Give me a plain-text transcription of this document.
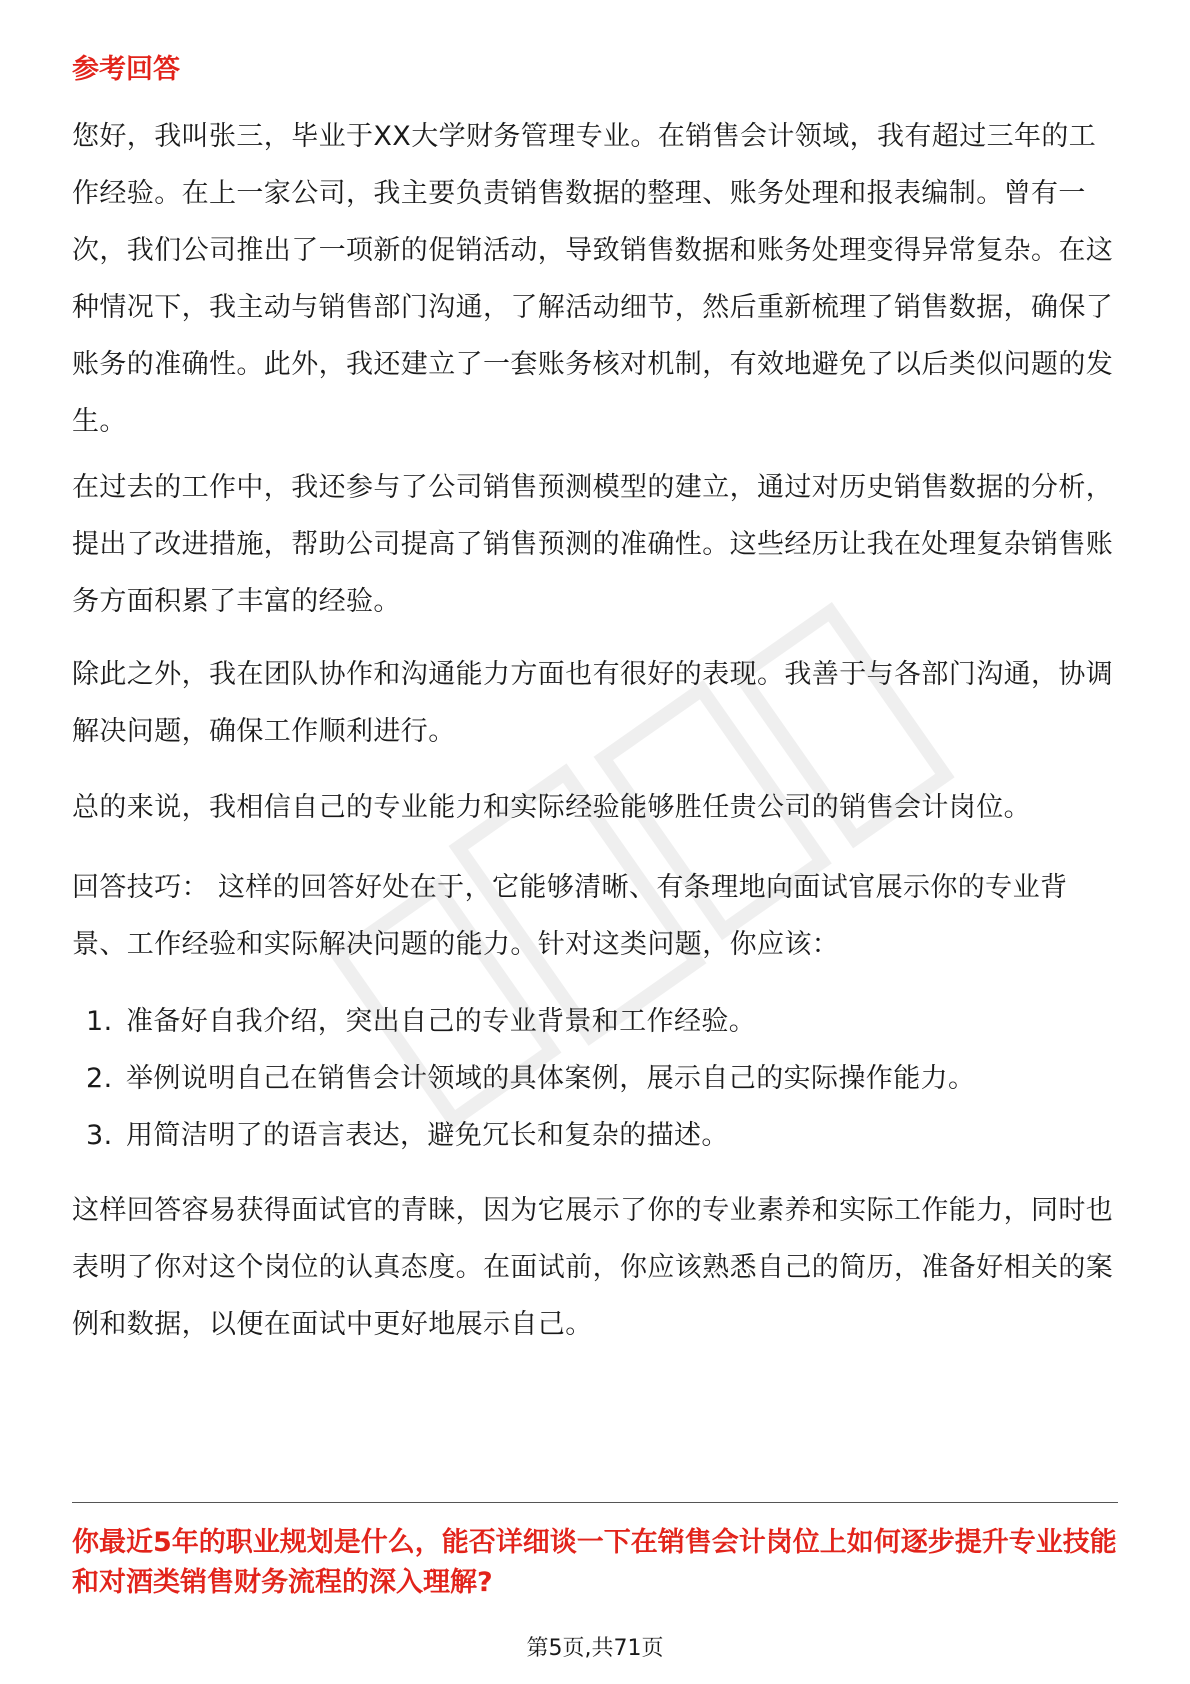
参考回答

您好，我叫张三，毕业于XX大学财务管理专业。在销售会计领域，我有超过三年的工作经验。在上一家公司，我主要负责销售数据的整理、账务处理和报表编制。曾有一次，我们公司推出了一项新的促销活动，导致销售数据和账务处理变得异常复杂。在这种情况下，我主动与销售部门沟通，了解活动细节，然后重新梳理了销售数据，确保了账务的准确性。此外，我还建立了一套账务核对机制，有效地避免了以后类似问题的发生。

在过去的工作中，我还参与了公司销售预测模型的建立，通过对历史销售数据的分析，提出了改进措施，帮助公司提高了销售预测的准确性。这些经历让我在处理复杂销售账务方面积累了丰富的经验。

除此之外，我在团队协作和沟通能力方面也有很好的表现。我善于与各部门沟通，协调解决问题，确保工作顺利进行。

总的来说，我相信自己的专业能力和实际经验能够胜任贵公司的销售会计岗位。

回答技巧： 这样的回答好处在于，它能够清晰、有条理地向面试官展示你的专业背景、工作经验和实际解决问题的能力。针对这类问题，你应该：

1. 准备好自我介绍，突出自己的专业背景和工作经验。
2. 举例说明自己在销售会计领域的具体案例，展示自己的实际操作能力。
3. 用简洁明了的语言表达，避免冗长和复杂的描述。

这样回答容易获得面试官的青睐，因为它展示了你的专业素养和实际工作能力，同时也表明了你对这个岗位的认真态度。在面试前，你应该熟悉自己的简历，准备好相关的案例和数据，以便在面试中更好地展示自己。

你最近5年的职业规划是什么，能否详细谈一下在销售会计岗位上如何逐步提升专业技能和对酒类销售财务流程的深入理解?

第5页,共71页
